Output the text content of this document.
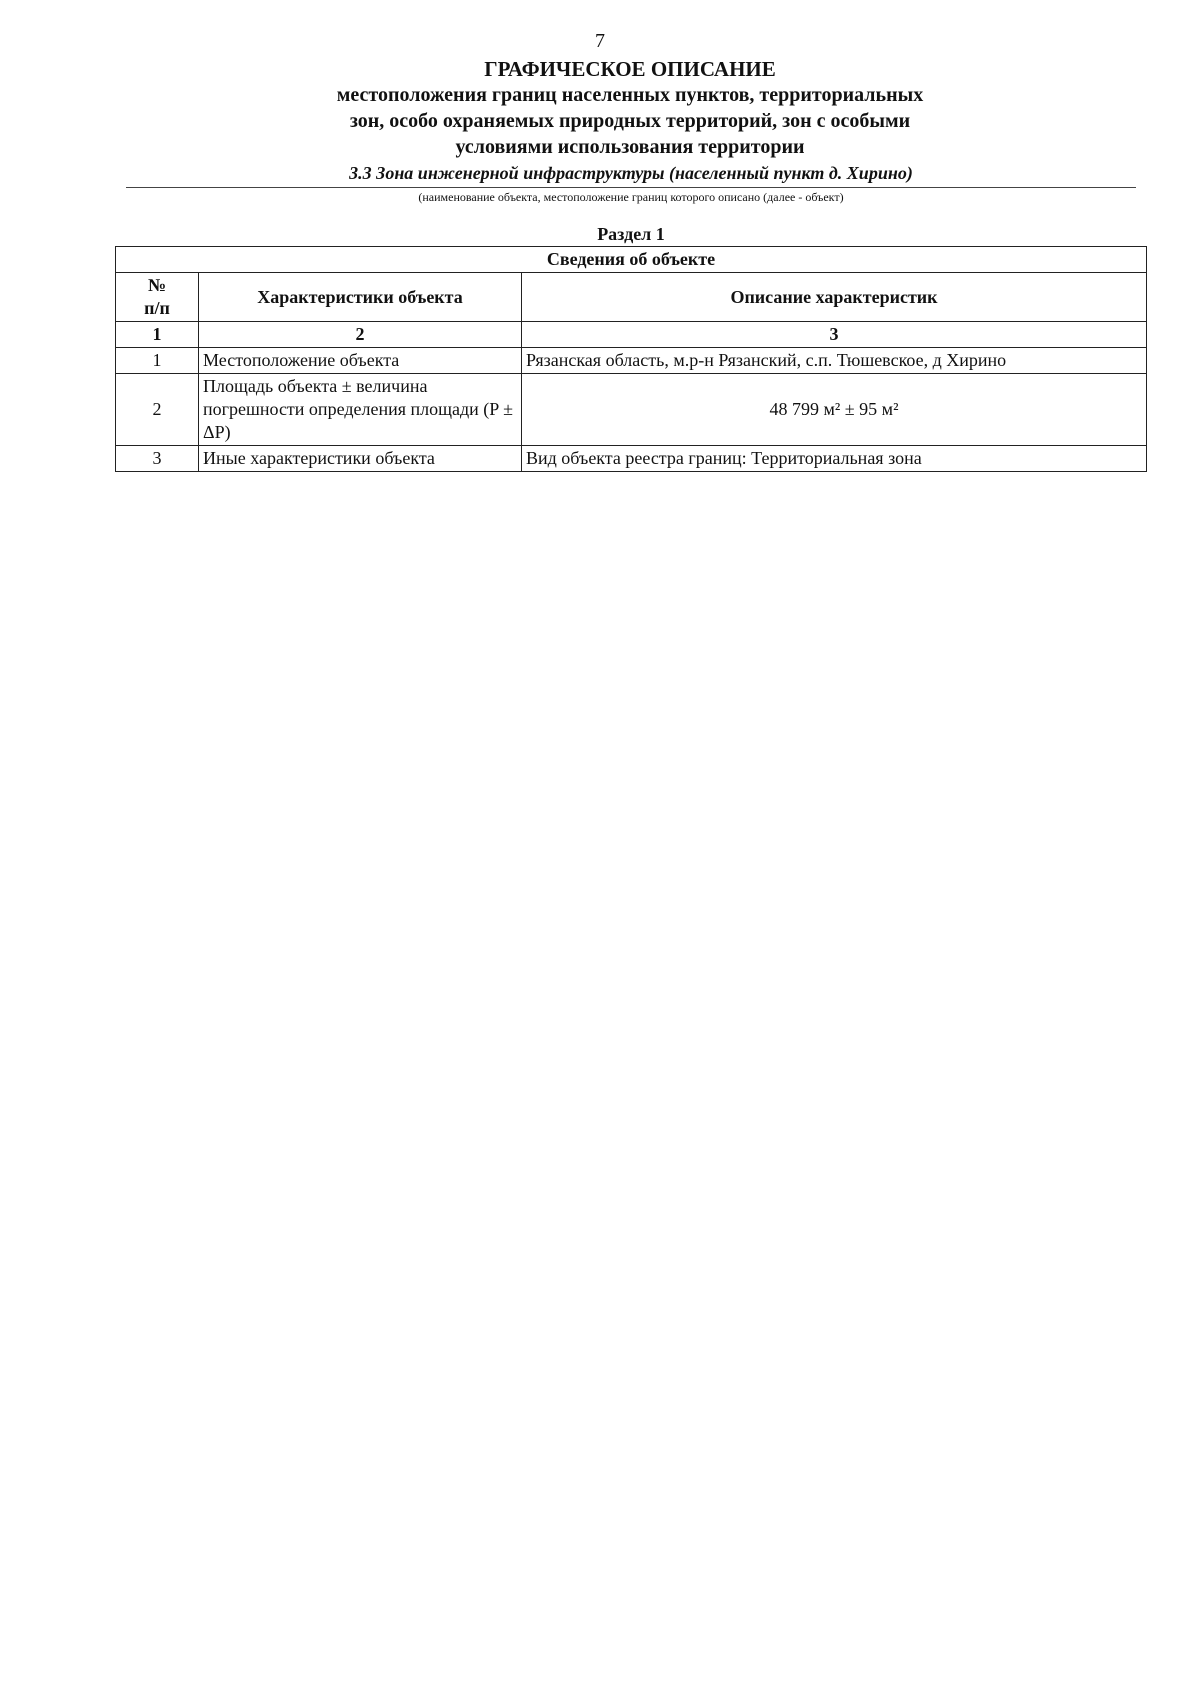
7
ГРАФИЧЕСКОЕ ОПИСАНИЕ
местоположения границ населенных пунктов, территориальных
зон, особо охраняемых природных территорий, зон с особыми
условиями использования территории
3.3 Зона инженерной инфраструктуры (населенный пункт д. Хирино)
(наименование объекта, местоположение границ которого описано (далее - объект)
Раздел 1
Сведения об объекте		
№
п/п	Характеристики объекта	Описание характеристик
1	2	3
1	Местоположение объекта	Рязанская область, м.р-н Рязанский, с.п. Тюшевское, д Хирино
2	Площадь объекта ± величина погрешности определения площади (P ± ΔP)	48 799 м² ± 95 м²
3	Иные характеристики объекта	Вид объекта реестра границ: Территориальная зона
